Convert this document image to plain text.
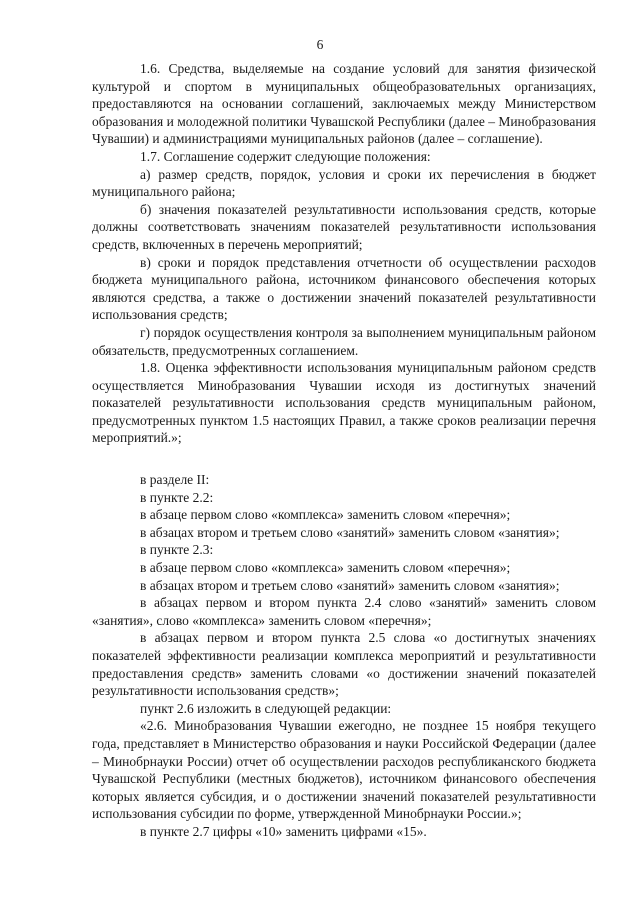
6

1.6. Средства, выделяемые на создание условий для занятия физической культурой и спортом в муниципальных общеобразовательных организациях, предоставляются на основании соглашений, заключаемых между Министерством образования и молодежной политики Чувашской Республики (далее – Минобразования Чувашии) и администрациями муниципальных районов (далее – соглашение).

1.7. Соглашение содержит следующие положения:

а) размер средств, порядок, условия и сроки их перечисления в бюджет муниципального района;

б) значения показателей результативности использования средств, которые должны соответствовать значениям показателей результативности использования средств, включенных в перечень мероприятий;

в) сроки и порядок представления отчетности об осуществлении расходов бюджета муниципального района, источником финансового обеспечения которых являются средства, а также о достижении значений показателей результативности использования средств;

г) порядок осуществления контроля за выполнением муниципальным районом обязательств, предусмотренных соглашением.

1.8. Оценка эффективности использования муниципальным районом средств осуществляется Минобразования Чувашии исходя из достигнутых значений показателей результативности использования средств муниципальным районом, предусмотренных пунктом 1.5 настоящих Правил, а также сроков реализации перечня мероприятий.»;

в разделе II:

в пункте 2.2:

в абзаце первом слово «комплекса» заменить словом «перечня»;

в абзацах втором и третьем слово «занятий» заменить словом «занятия»;

в пункте 2.3:

в абзаце первом слово «комплекса» заменить словом «перечня»;

в абзацах втором и третьем слово «занятий» заменить словом «занятия»;

в абзацах первом и втором пункта 2.4 слово «занятий» заменить словом «занятия», слово «комплекса» заменить словом «перечня»;

в абзацах первом и втором пункта 2.5 слова «о достигнутых значениях показателей эффективности реализации комплекса мероприятий и результативности предоставления средств» заменить словами «о достижении значений показателей результативности использования средств»;

пункт 2.6 изложить в следующей редакции:

«2.6. Минобразования Чувашии ежегодно, не позднее 15 ноября текущего года, представляет в Министерство образования и науки Российской Федерации (далее – Минобрнауки России) отчет об осуществлении расходов республиканского бюджета Чувашской Республики (местных бюджетов), источником финансового обеспечения которых является субсидия, и о достижении значений показателей результативности использования субсидии по форме, утвержденной Минобрнауки России.»;

в пункте 2.7 цифры «10» заменить цифрами «15».
